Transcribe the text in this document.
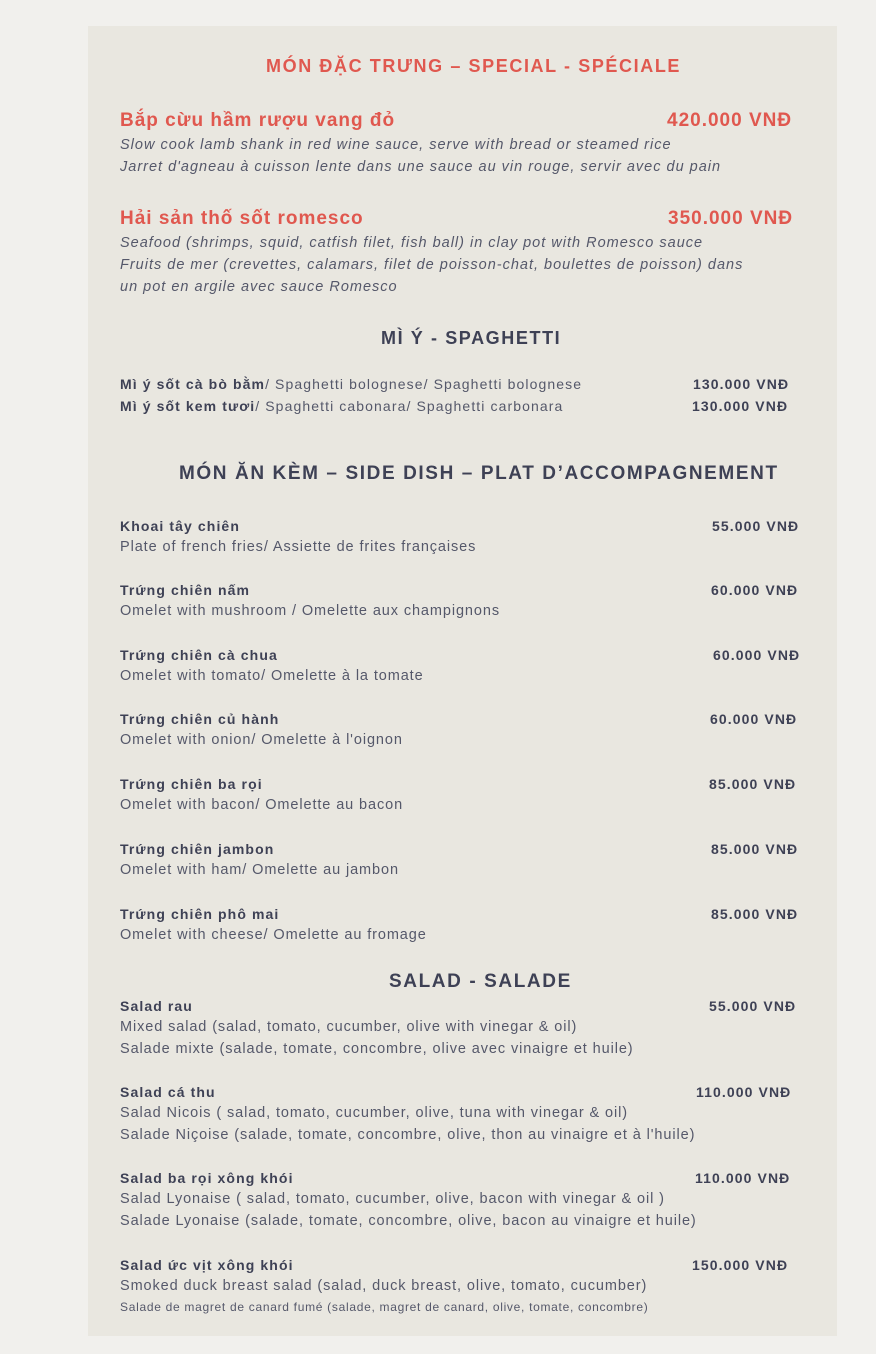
MÓN ĐẶC TRƯNG – SPECIAL - SPÉCIALE
Bắp cừu hầm rượu vang đỏ	420.000 VNĐ
Slow cook lamb shank in red wine sauce, serve with bread or steamed rice
Jarret d'agneau à cuisson lente dans une sauce au vin rouge, servir avec du pain
Hải sản thố sốt romesco	350.000 VNĐ
Seafood (shrimps, squid, catfish filet, fish ball) in clay pot with Romesco sauce
Fruits de mer (crevettes, calamars, filet de poisson-chat, boulettes de poisson) dans
un pot en argile avec sauce Romesco
MÌ Ý - SPAGHETTI
Mì ý sốt cà bò bằm/ Spaghetti bolognese/ Spaghetti bolognese	130.000 VNĐ
Mì ý sốt kem tươi/ Spaghetti cabonara/ Spaghetti carbonara	130.000 VNĐ
MÓN ĂN KÈM – SIDE DISH – PLAT D’ACCOMPAGNEMENT
Khoai tây chiên	55.000 VNĐ
Plate of french fries/ Assiette de frites françaises
Trứng chiên nấm	60.000 VNĐ
Omelet with mushroom / Omelette aux champignons
Trứng chiên cà chua	60.000 VNĐ
Omelet with tomato/ Omelette à la tomate
Trứng chiên củ hành	60.000 VNĐ
Omelet with onion/ Omelette à l'oignon
Trứng chiên ba rọi	85.000 VNĐ
Omelet with bacon/ Omelette au bacon
Trứng chiên jambon	85.000 VNĐ
Omelet with ham/ Omelette au jambon
Trứng chiên phô mai	85.000 VNĐ
Omelet with cheese/ Omelette au fromage
SALAD - SALADE
Salad rau	55.000 VNĐ
Mixed salad (salad, tomato, cucumber, olive with vinegar & oil)
Salade mixte (salade, tomate, concombre, olive avec vinaigre et huile)
Salad cá thu	110.000 VNĐ
Salad Nicois ( salad, tomato, cucumber, olive, tuna with vinegar & oil)
Salade Niçoise (salade, tomate, concombre, olive, thon au vinaigre et à l'huile)
Salad ba rọi xông khói	110.000 VNĐ
Salad Lyonaise ( salad, tomato, cucumber, olive, bacon with vinegar & oil )
Salade Lyonaise (salade, tomate, concombre, olive, bacon au vinaigre et huile)
Salad ức vịt xông khói	150.000 VNĐ
Smoked duck breast salad (salad, duck breast, olive, tomato, cucumber)
Salade de magret de canard fumé (salade, magret de canard, olive, tomate, concombre)
